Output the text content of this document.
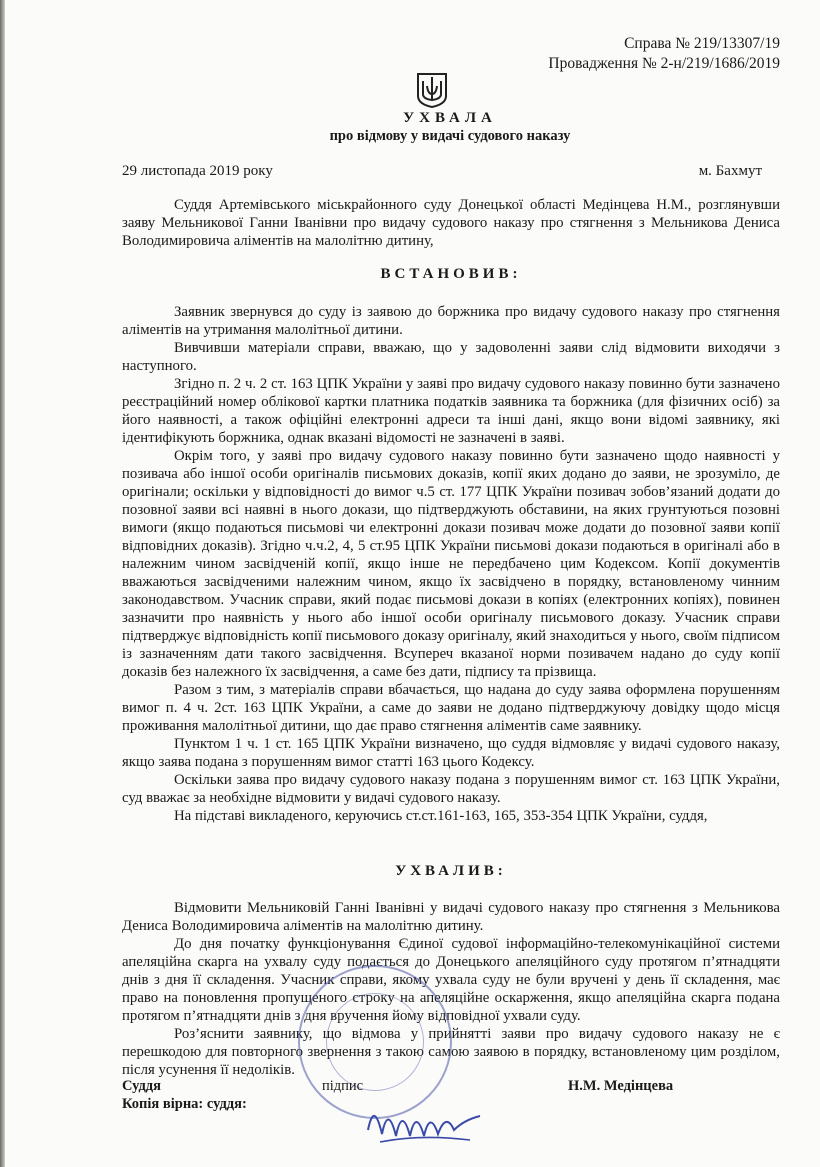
Справа № 219/13307/19
Провадження № 2-н/219/1686/2019
УХВАЛА
про відмову у видачі судового наказу
29 листопада 2019 року	м. Бахмут

Суддя Артемівського міськрайонного суду Донецької області Медінцева Н.М., розглянувши заяву Мельникової Ганни Іванівни про видачу судового наказу про стягнення з Мельникова Дениса Володимировича аліментів на малолітню дитину,

ВСТАНОВИВ:

Заявник звернувся до суду із заявою до боржника про видачу судового наказу про стягнення аліментів на утримання малолітньої дитини.

Вивчивши матеріали справи, вважаю, що у задоволенні заяви слід відмовити виходячи з наступного.

Згідно п. 2 ч. 2 ст. 163 ЦПК України у заяві про видачу судового наказу повинно бути зазначено реєстраційний номер облікової картки платника податків заявника та боржника (для фізичних осіб) за його наявності, а також офіційні електронні адреси та інші дані, якщо вони відомі заявнику, які ідентифікують боржника, однак вказані відомості не зазначені в заяві.

Окрім того, у заяві про видачу судового наказу повинно бути зазначено щодо наявності у позивача або іншої особи оригіналів письмових доказів, копії яких додано до заяви, не зрозуміло, де оригінали; оскільки у відповідності до вимог ч.5 ст. 177 ЦПК України позивач зобов’язаний додати до позовної заяви всі наявні в нього докази, що підтверджують обставини, на яких грунтуються позовні вимоги (якщо подаються письмові чи електронні докази позивач може додати до позовної заяви копії відповідних доказів). Згідно ч.ч.2, 4, 5 ст.95 ЦПК України письмові докази подаються в оригіналі або в належним чином засвідченій копії, якщо інше не передбачено цим Кодексом. Копії документів вважаються засвідченими належним чином, якщо їх засвідчено в порядку, встановленому чинним законодавством. Учасник справи, який подає письмові докази в копіях (електронних копіях), повинен зазначити про наявність у нього або іншої особи оригіналу письмового доказу. Учасник справи підтверджує відповідність копії письмового доказу оригіналу, який знаходиться у нього, своїм підписом із зазначенням дати такого засвідчення. Всупереч вказаної норми позивачем надано до суду копії доказів без належного їх засвідчення, а саме без дати, підпису та прізвища.

Разом з тим, з матеріалів справи вбачається, що надана до суду заява оформлена порушенням вимог п. 4 ч. 2ст. 163 ЦПК України, а саме до заяви не додано підтверджуючу довідку щодо місця проживання малолітньої дитини, що дає право стягнення аліментів саме заявнику.

Пунктом 1 ч. 1 ст. 165 ЦПК України визначено, що суддя відмовляє у видачі судового наказу, якщо заява подана з порушенням вимог статті 163 цього Кодексу.

Оскільки заява про видачу судового наказу подана з порушенням вимог ст. 163 ЦПК України, суд вважає за необхідне відмовити у видачі судового наказу.

На підставі викладеного, керуючись ст.ст.161-163, 165, 353-354 ЦПК України, суддя,

УХВАЛИВ:

Відмовити Мельниковій Ганні Іванівні у видачі судового наказу про стягнення з Мельникова Дениса Володимировича аліментів на малолітню дитину.

До дня початку функціонування Єдиної судової інформаційно-телекомунікаційної системи апеляційна скарга на ухвалу суду подається до Донецького апеляційного суду протягом п’ятнадцяти днів з дня її складення. Учасник справи, якому ухвала суду не були вручені у день її складення, має право на поновлення пропущеного строку на апеляційне оскарження, якщо апеляційна скарга подана протягом п’ятнадцяти днів з дня вручення йому відповідної ухвали суду.

Роз’яснити заявнику, що відмова у прийнятті заяви про видачу судового наказу не є перешкодою для повторного звернення з такою самою заявою в порядку, встановленому цим розділом, після усунення її недоліків.

Суддя	підпис	Н.М. Медінцева
Копія вірна: суддя:
